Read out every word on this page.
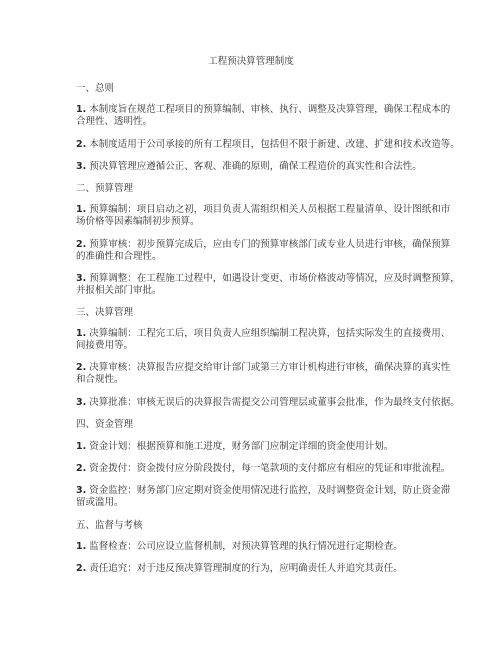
工程预决算管理制度
一、总则
1. 本制度旨在规范工程项目的预算编制、审核、执行、调整及决算管理，确保工程成本的
合理性、透明性。
2. 本制度适用于公司承接的所有工程项目，包括但不限于新建、改建、扩建和技术改造等。
3. 预决算管理应遵循公正、客观、准确的原则，确保工程造价的真实性和合法性。
二、预算管理
1. 预算编制：项目启动之初，项目负责人需组织相关人员根据工程量清单、设计图纸和市
场价格等因素编制初步预算。
2. 预算审核：初步预算完成后，应由专门的预算审核部门或专业人员进行审核，确保预算
的准确性和合理性。
3. 预算调整：在工程施工过程中，如遇设计变更、市场价格波动等情况，应及时调整预算，
并报相关部门审批。
三、决算管理
1. 决算编制：工程完工后，项目负责人应组织编制工程决算，包括实际发生的直接费用、
间接费用等。
2. 决算审核：决算报告应提交给审计部门或第三方审计机构进行审核，确保决算的真实性
和合规性。
3. 决算批准：审核无误后的决算报告需提交公司管理层或董事会批准，作为最终支付依据。
四、资金管理
1. 资金计划：根据预算和施工进度，财务部门应制定详细的资金使用计划。
2. 资金拨付：资金拨付应分阶段拨付，每一笔款项的支付都应有相应的凭证和审批流程。
3. 资金监控：财务部门应定期对资金使用情况进行监控，及时调整资金计划，防止资金滞
留或滥用。
五、监督与考核
1. 监督检查：公司应设立监督机制，对预决算管理的执行情况进行定期检查。
2. 责任追究：对于违反预决算管理制度的行为，应明确责任人并追究其责任。
